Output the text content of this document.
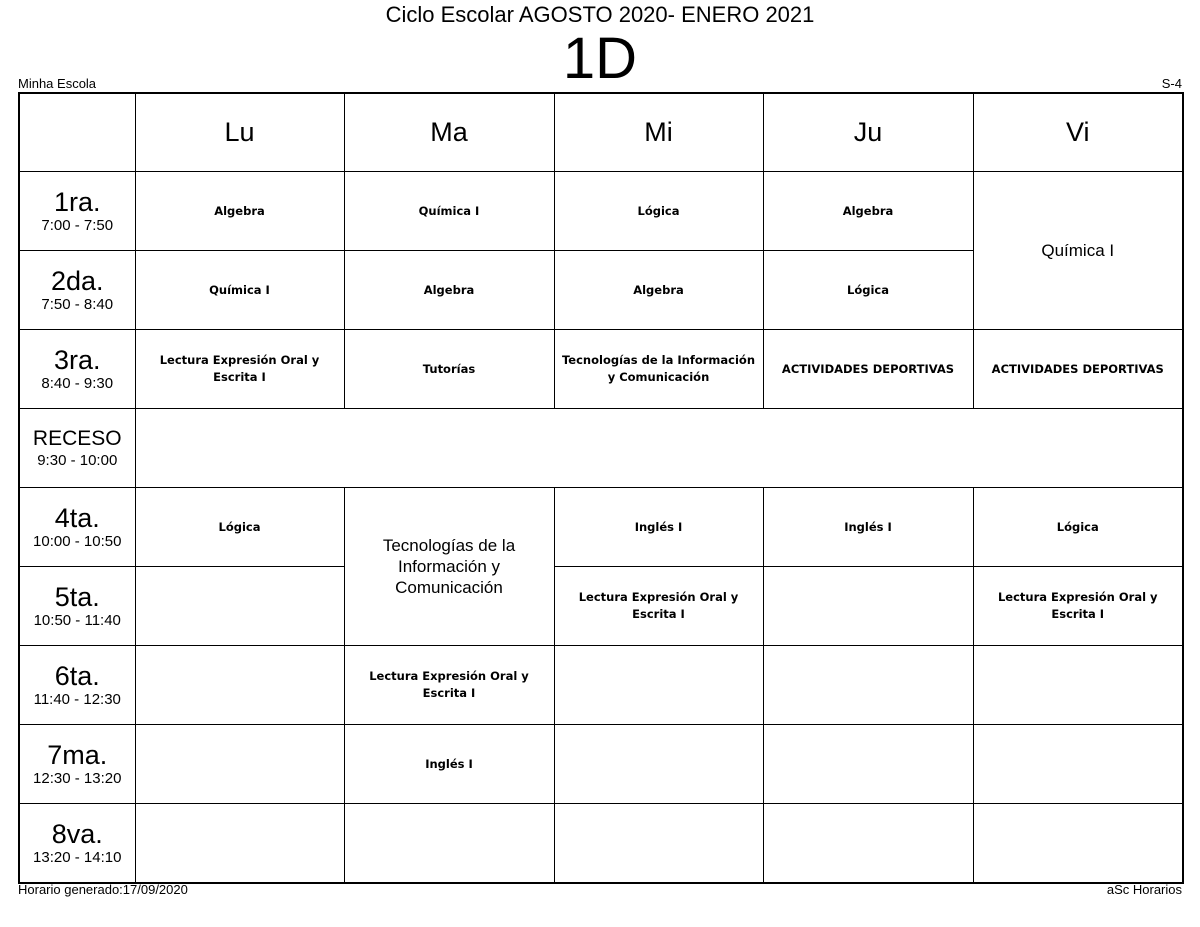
Ciclo Escolar AGOSTO 2020- ENERO 2021
1D
Minha Escola	S-4
	Lu	Ma	Mi	Ju	Vi

1ra.
7:00 - 7:50	Algebra	Química I	Lógica	Algebra	Química I

2da.
7:50 - 8:40	Química I	Algebra	Algebra	Lógica	

3ra.
8:40 - 9:30	Lectura Expresión Oral y Escrita I	Tutorías	Tecnologías de la Información y Comunicación	ACTIVIDADES DEPORTIVAS	ACTIVIDADES DEPORTIVAS

RECESO
9:30 - 10:00					

4ta.
10:00 - 10:50	Lógica	Tecnologías de la Información y Comunicación	Inglés I	Inglés I	Lógica

5ta.
10:50 - 11:40			Lectura Expresión Oral y Escrita I		Lectura Expresión Oral y Escrita I

6ta.
11:40 - 12:30		Lectura Expresión Oral y Escrita I			

7ma.
12:30 - 13:20		Inglés I			

8va.
13:20 - 14:10					

Horario generado:17/09/2020	aSc Horarios
